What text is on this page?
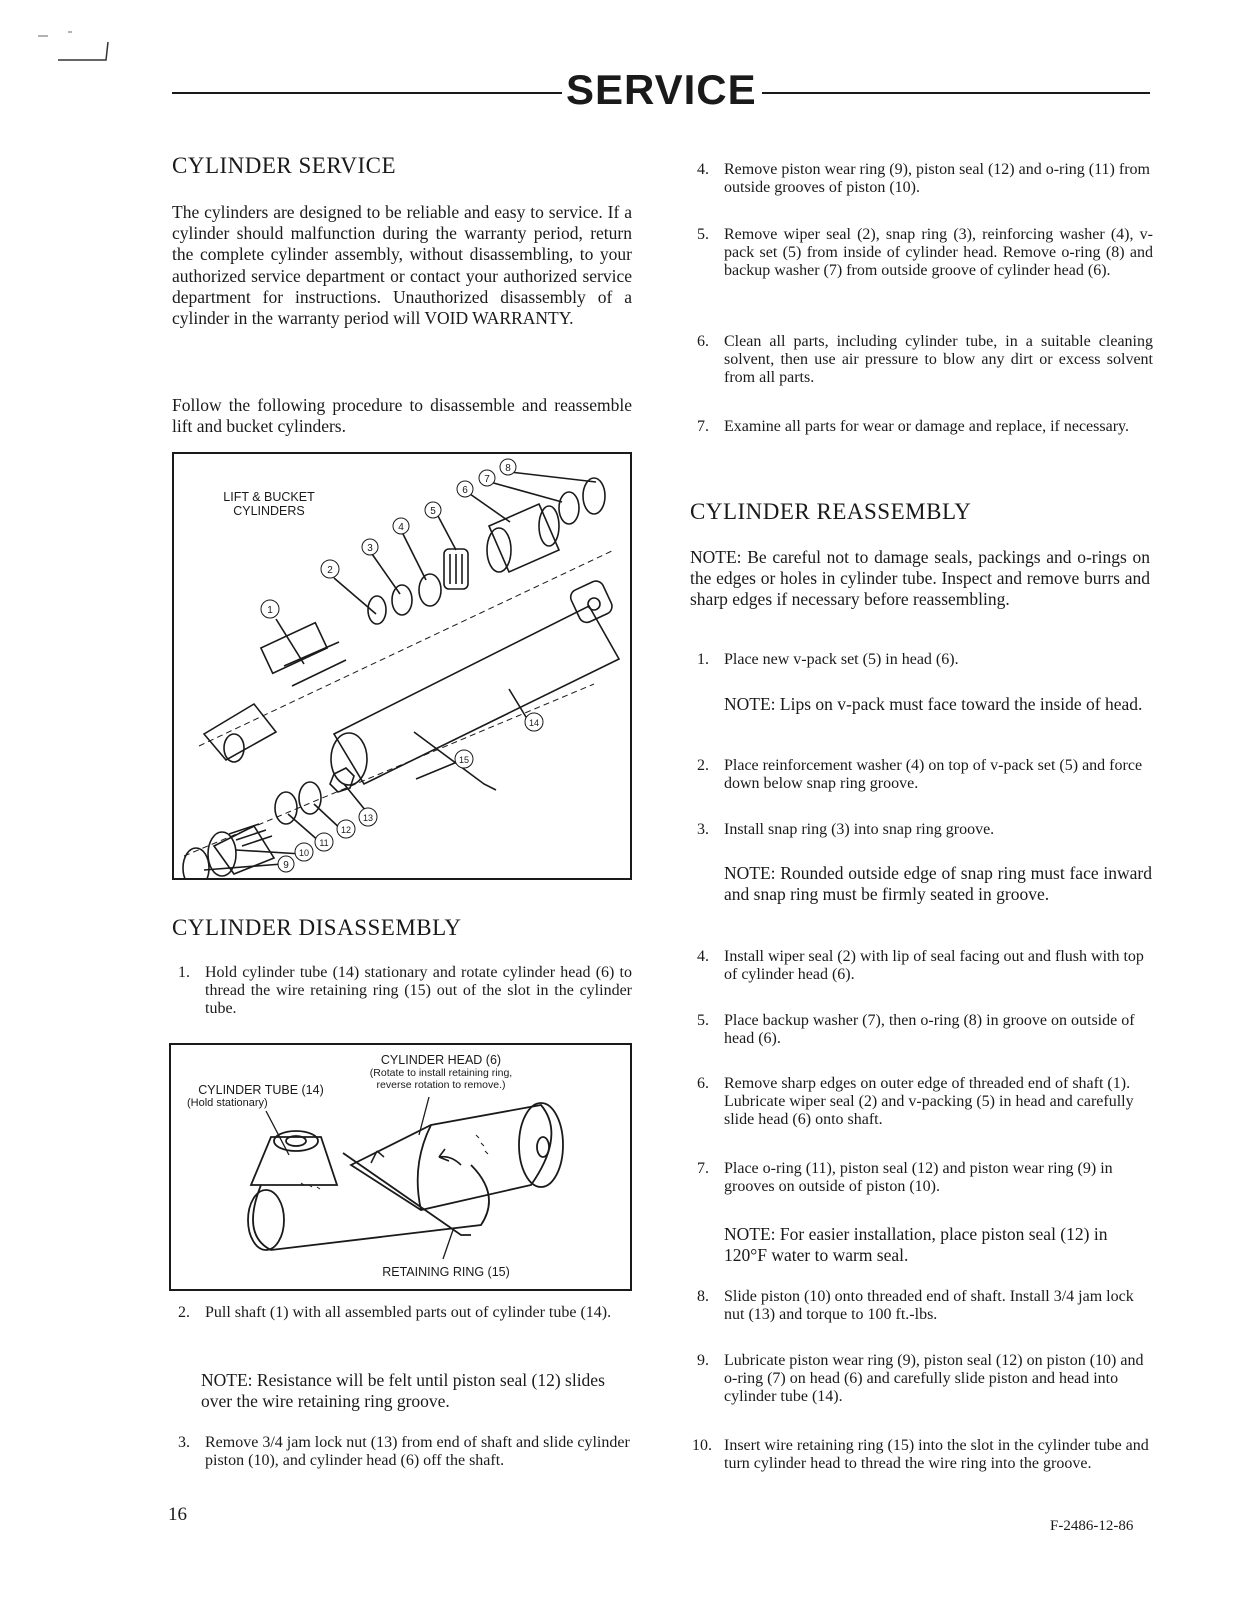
SERVICE
CYLINDER SERVICE

The cylinders are designed to be reliable and easy to service. If a cylinder should malfunction during the warranty period, return the complete cylinder assembly, without disassembling, to your authorized service department or contact your authorized service department for instructions. Unauthorized disassembly of a cylinder in the warranty period will VOID WARRANTY.

Follow the following procedure to disassemble and reassemble lift and bucket cylinders.

1
2
3
4
5
6
7
8
9
10
11
12
13
14
15
LIFT & BUCKET
CYLINDERS
CYLINDER DISASSEMBLY
1. Hold cylinder tube (14) stationary and rotate cylinder head (6) to thread the wire retaining ring (15) out of the slot in the cylinder tube.
CYLINDER HEAD (6)
(Rotate to install retaining ring,
reverse rotation to remove.)
CYLINDER TUBE (14)
(Hold stationary)
RETAINING RING (15)
2. Pull shaft (1) with all assembled parts out of cylinder tube (14).

NOTE: Resistance will be felt until piston seal (12) slides over the wire retaining ring groove.

3. Remove 3/4 jam lock nut (13) from end of shaft and slide cylinder piston (10), and cylinder head (6) off the shaft.
4. Remove piston wear ring (9), piston seal (12) and o-ring (11) from outside grooves of piston (10).
5. Remove wiper seal (2), snap ring (3), reinforcing washer (4), v-pack set (5) from inside of cylinder head. Remove o-ring (8) and backup washer (7) from outside groove of cylinder head (6).
6. Clean all parts, including cylinder tube, in a suitable cleaning solvent, then use air pressure to blow any dirt or excess solvent from all parts.
7. Examine all parts for wear or damage and replace, if necessary.
CYLINDER REASSEMBLY

NOTE: Be careful not to damage seals, packings and o-rings on the edges or holes in cylinder tube. Inspect and remove burrs and sharp edges if necessary before reassembling.

1. Place new v-pack set (5) in head (6).

NOTE: Lips on v-pack must face toward the inside of head.

2. Place reinforcement washer (4) on top of v-pack set (5) and force down below snap ring groove.
3. Install snap ring (3) into snap ring groove.

NOTE: Rounded outside edge of snap ring must face inward and snap ring must be firmly seated in groove.

4. Install wiper seal (2) with lip of seal facing out and flush with top of cylinder head (6).
5. Place backup washer (7), then o-ring (8) in groove on outside of head (6).
6. Remove sharp edges on outer edge of threaded end of shaft (1). Lubricate wiper seal (2) and v-packing (5) in head and carefully slide head (6) onto shaft.
7. Place o-ring (11), piston seal (12) and piston wear ring (9) in grooves on outside of piston (10).

NOTE: For easier installation, place piston seal (12) in 120°F water to warm seal.

8. Slide piston (10) onto threaded end of shaft. Install 3/4 jam lock nut (13) and torque to 100 ft.-lbs.
9. Lubricate piston wear ring (9), piston seal (12) on piston (10) and o-ring (7) on head (6) and carefully slide piston and head into cylinder tube (14).
10. Insert wire retaining ring (15) into the slot in the cylinder tube and turn cylinder head to thread the wire ring into the groove.
16
F-2486-12-86
